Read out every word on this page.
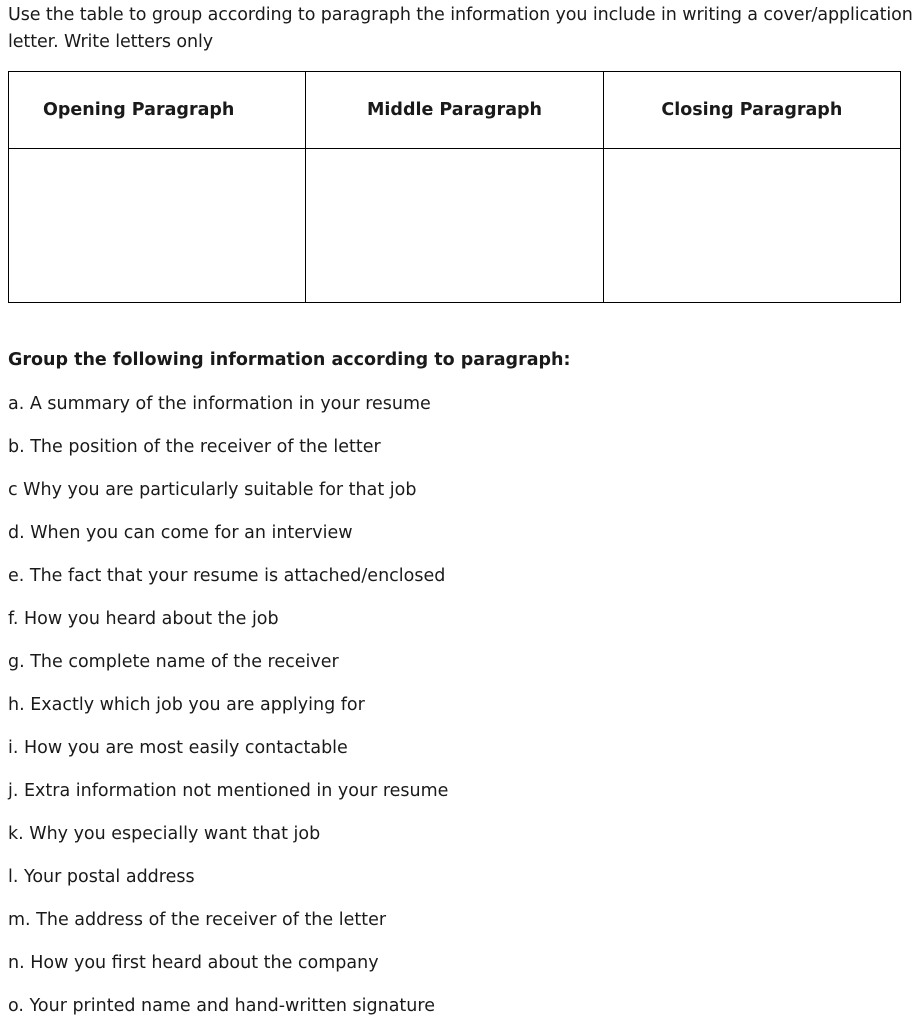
Use the table to group according to paragraph the information you include in writing a cover/application letter. Write letters only
Opening Paragraph	Middle Paragraph	Closing Paragraph

Group the following information according to paragraph:
a. A summary of the information in your resume
b. The position of the receiver of the letter
c Why you are particularly suitable for that job
d. When you can come for an interview
e. The fact that your resume is attached/enclosed
f. How you heard about the job
g. The complete name of the receiver
h. Exactly which job you are applying for
i. How you are most easily contactable
j. Extra information not mentioned in your resume
k. Why you especially want that job
l. Your postal address
m. The address of the receiver of the letter
n. How you first heard about the company
o. Your printed name and hand-written signature
